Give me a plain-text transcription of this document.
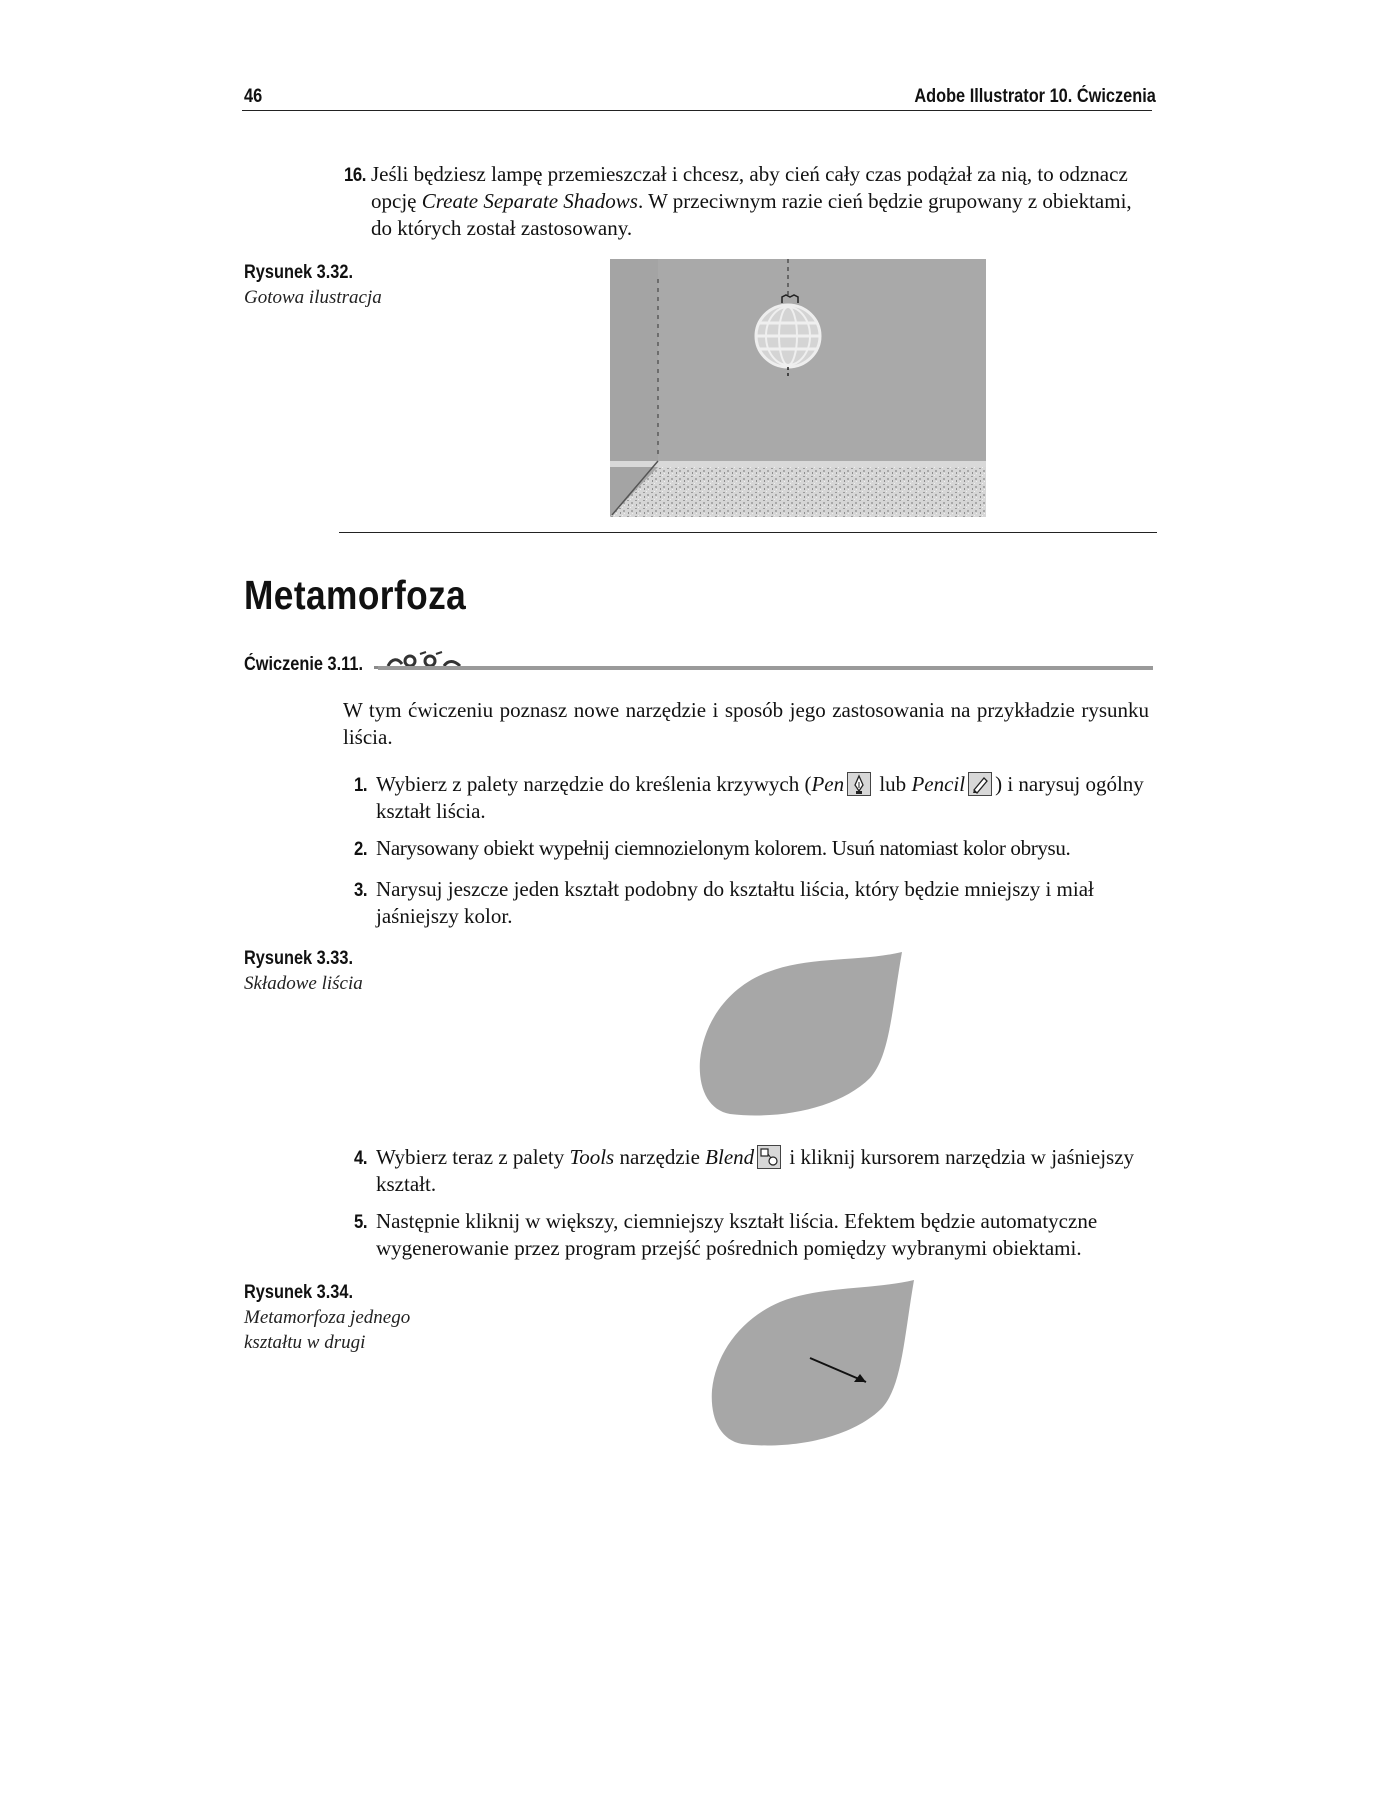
46	Adobe Illustrator 10. Ćwiczenia
16. Jeśli będziesz lampę przemieszczał i chcesz, aby cień cały czas podążał za nią, to odznacz opcję Create Separate Shadows. W przeciwnym razie cień będzie grupowany z obiektami, do których został zastosowany.
Rysunek 3.32.
Gotowa ilustracja
Metamorfoza
Ćwiczenie 3.11.
W tym ćwiczeniu poznasz nowe narzędzie i sposób jego zastosowania na przykładzie rysunku liścia.
1. Wybierz z palety narzędzie do kreślenia krzywych (Pen
lub Pencil ) i narysuj ogólny kształt liścia.
2. Narysowany obiekt wypełnij ciemnozielonym kolorem. Usuń natomiast kolor obrysu.
3. Narysuj jeszcze jeden kształt podobny do kształtu liścia, który będzie mniejszy i miał jaśniejszy kolor.
Rysunek 3.33.
Składowe liścia
4. Wybierz teraz z palety Tools narzędzie Blend
i kliknij kursorem narzędzia w jaśniejszy kształt.
5. Następnie kliknij w większy, ciemniejszy kształt liścia. Efektem będzie automatyczne wygenerowanie przez program przejść pośrednich pomiędzy wybranymi obiektami.
Rysunek 3.34.
Metamorfoza jednego
kształtu w drugi
